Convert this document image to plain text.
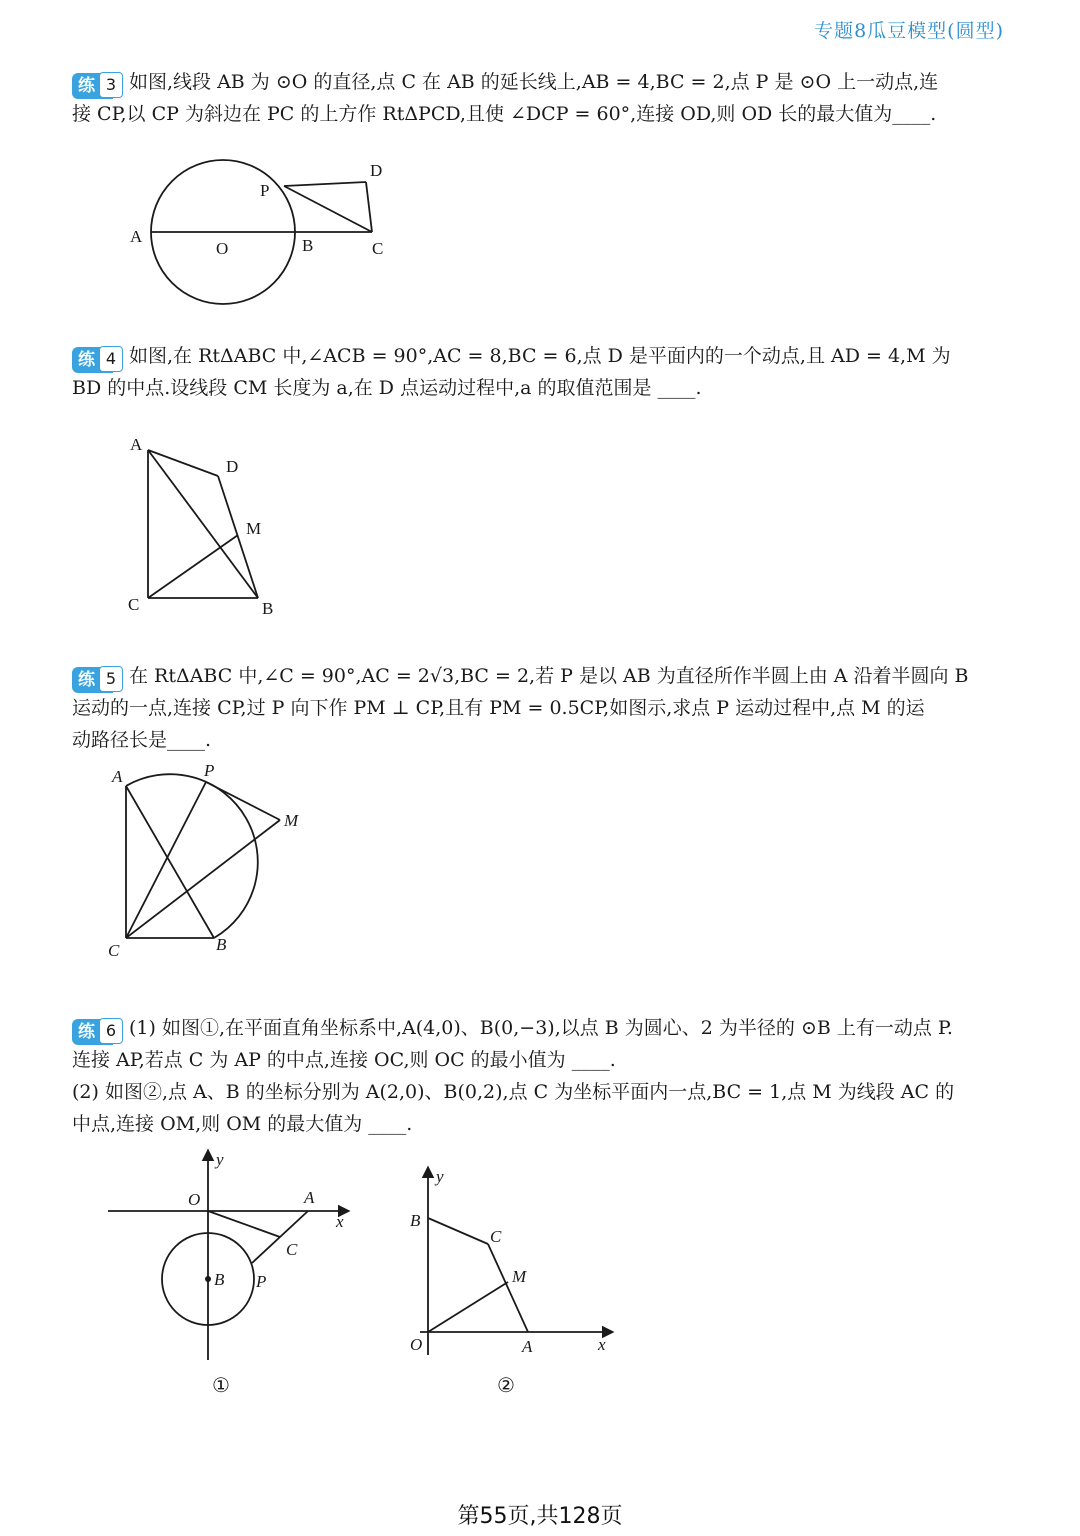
专题8瓜豆模型(圆型)
练 3 如图,线段 AB 为 ⊙O 的直径,点 C 在 AB 的延长线上,AB = 4,BC = 2,点 P 是 ⊙O 上一动点,连
接 CP,以 CP 为斜边在 PC 的上方作 RtΔPCD,且使 ∠DCP = 60°,连接 OD,则 OD 长的最大值为____.
A
O	B	C
P
D
练 4 如图,在 RtΔABC 中,∠ACB = 90°,AC = 8,BC = 6,点 D 是平面内的一个动点,且 AD = 4,M 为
BD 的中点.设线段 CM 长度为 a,在 D 点运动过程中,a 的取值范围是 ____.
A
D
M
C	B
练 5 在 RtΔABC 中,∠C = 90°,AC = 2√3,BC = 2,若 P 是以 AB 为直径所作半圆上由 A 沿着半圆向 B
运动的一点,连接 CP,过 P 向下作 PM ⊥ CP,且有 PM = 0.5CP,如图示,求点 P 运动过程中,点 M 的运
动路径长是____.
A	P
M
C	B
练 6 (1) 如图①,在平面直角坐标系中,A(4,0)、B(0,−3),以点 B 为圆心、2 为半径的 ⊙B 上有一动点 P.
连接 AP,若点 C 为 AP 的中点,连接 OC,则 OC 的最小值为 ____.
(2) 如图②,点 A、B 的坐标分别为 A(2,0)、B(0,2),点 C 为坐标平面内一点,BC = 1,点 M 为线段 AC 的
中点,连接 OM,则 OM 的最大值为 ____.
y
O	A
x
C
B P
①
y
B
C
M
O	A	x
②
第55页,共128页
